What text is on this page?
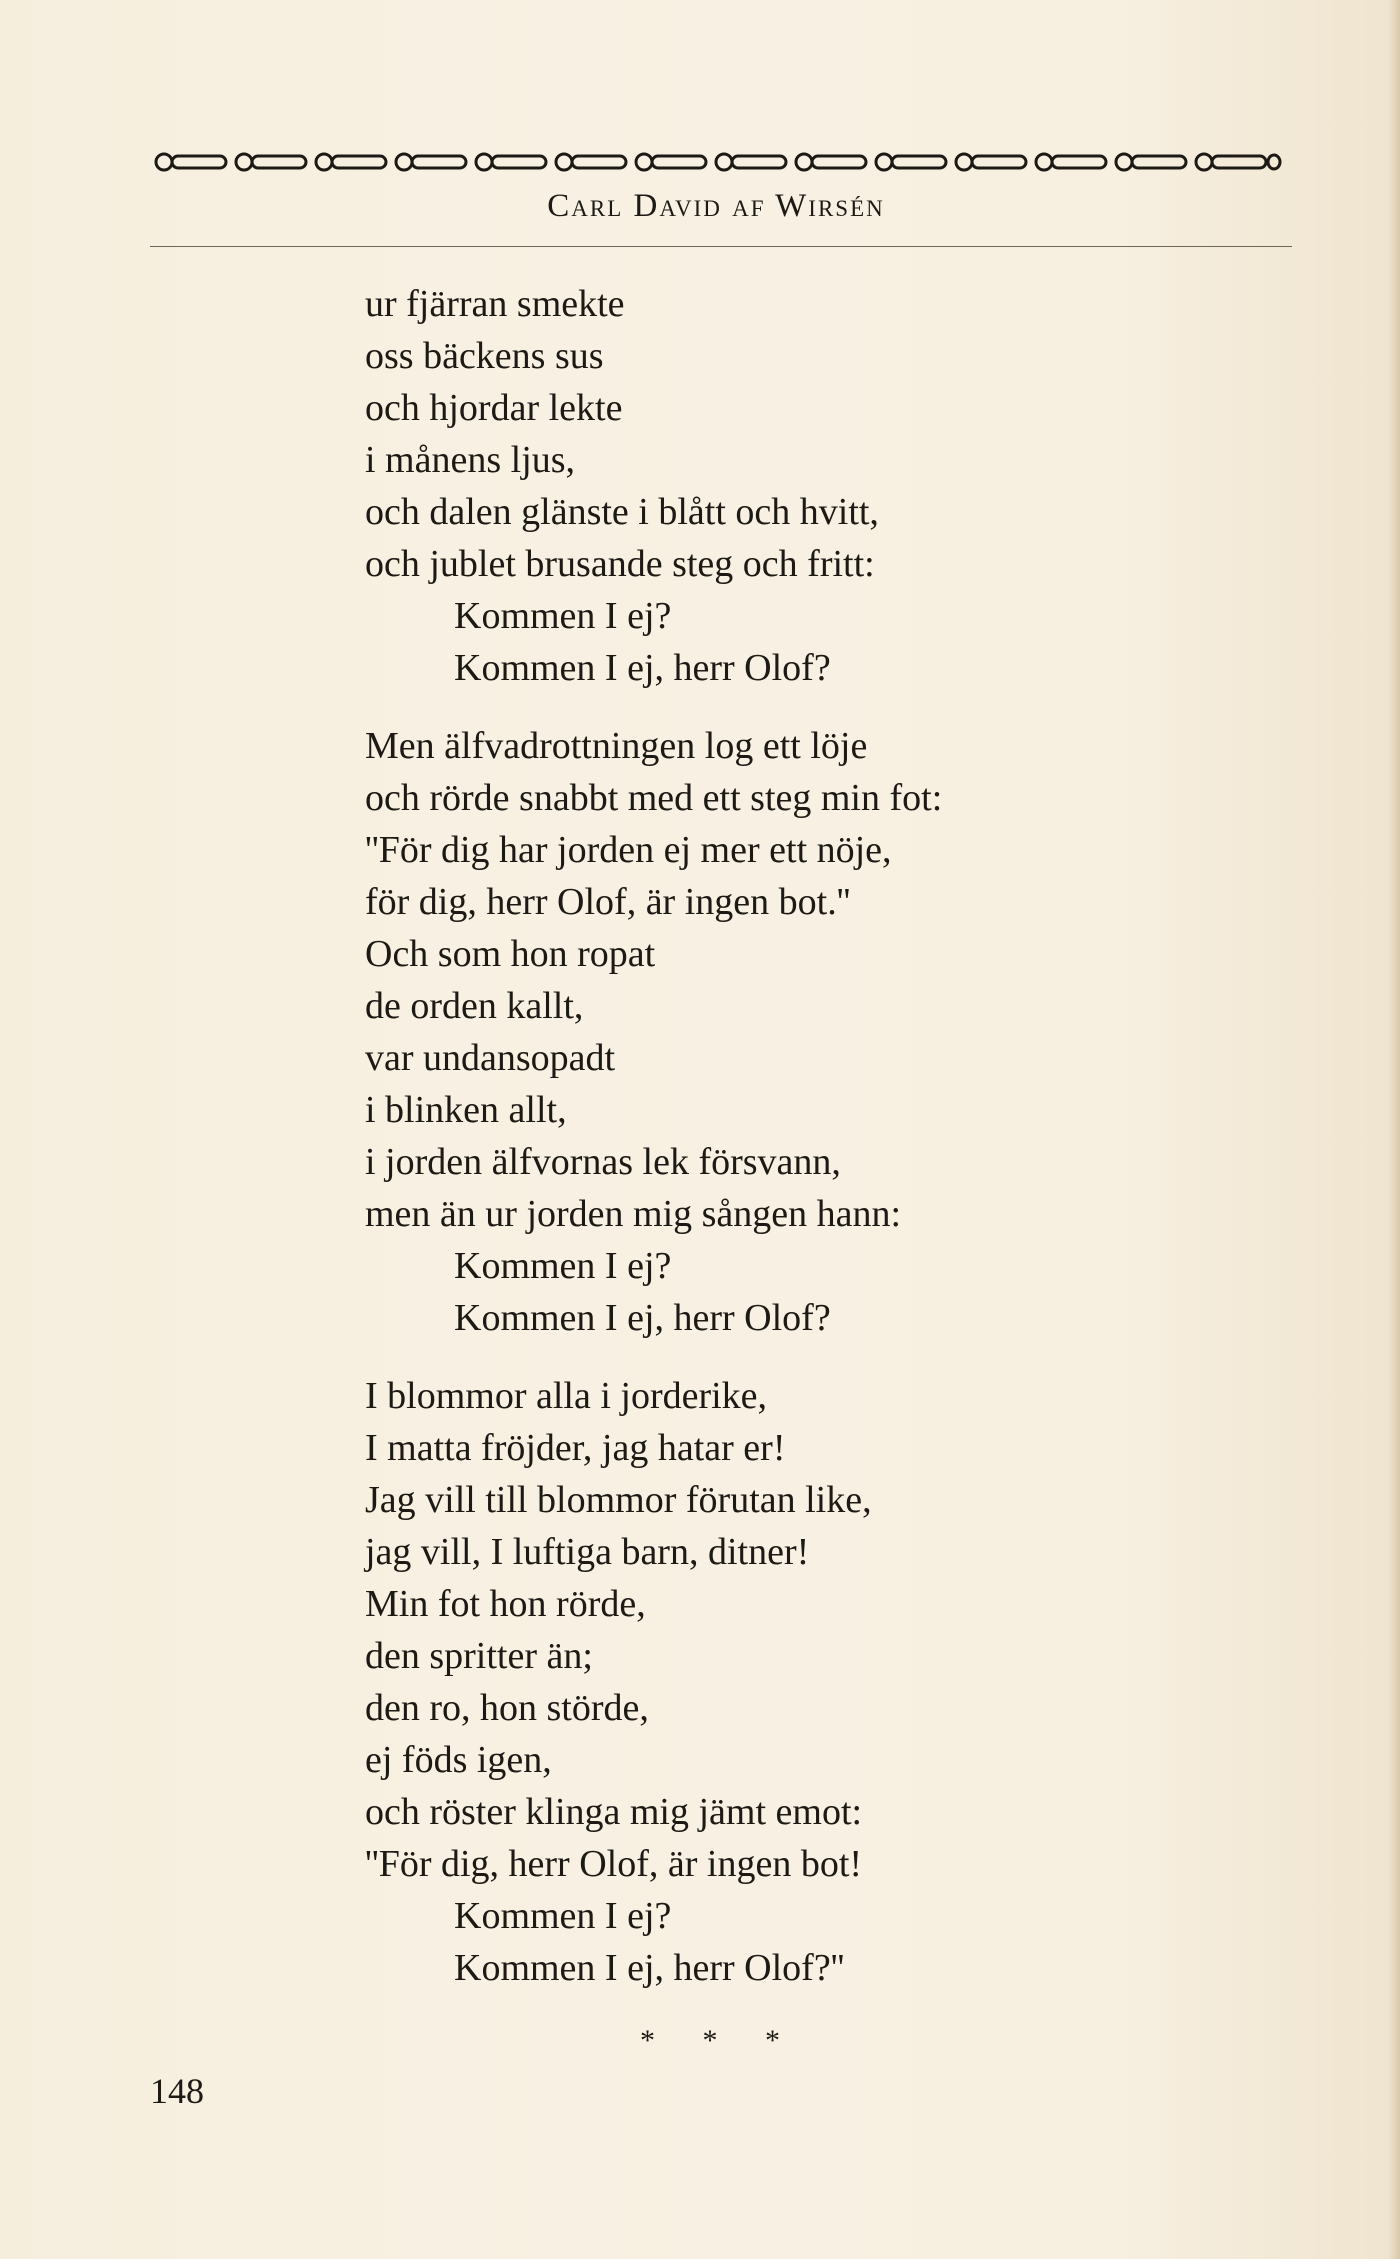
Carl David af Wirsén
ur fjärran smekte
oss bäckens sus
och hjordar lekte
i månens ljus,
och dalen glänste i blått och hvitt,
och jublet brusande steg och fritt:
Kommen I ej?
Kommen I ej, herr Olof?
Men älfvadrottningen log ett löje
och rörde snabbt med ett steg min fot:
''För dig har jorden ej mer ett nöje,
för dig, herr Olof, är ingen bot.''
Och som hon ropat
de orden kallt,
var undansopadt
i blinken allt,
i jorden älfvornas lek försvann,
men än ur jorden mig sången hann:
Kommen I ej?
Kommen I ej, herr Olof?
I blommor alla i jorderike,
I matta fröjder, jag hatar er!
Jag vill till blommor förutan like,
jag vill, I luftiga barn, ditner!
Min fot hon rörde,
den spritter än;
den ro, hon störde,
ej föds igen,
och röster klinga mig jämt emot:
''För dig, herr Olof, är ingen bot!
Kommen I ej?
Kommen I ej, herr Olof?''
* * *
148
